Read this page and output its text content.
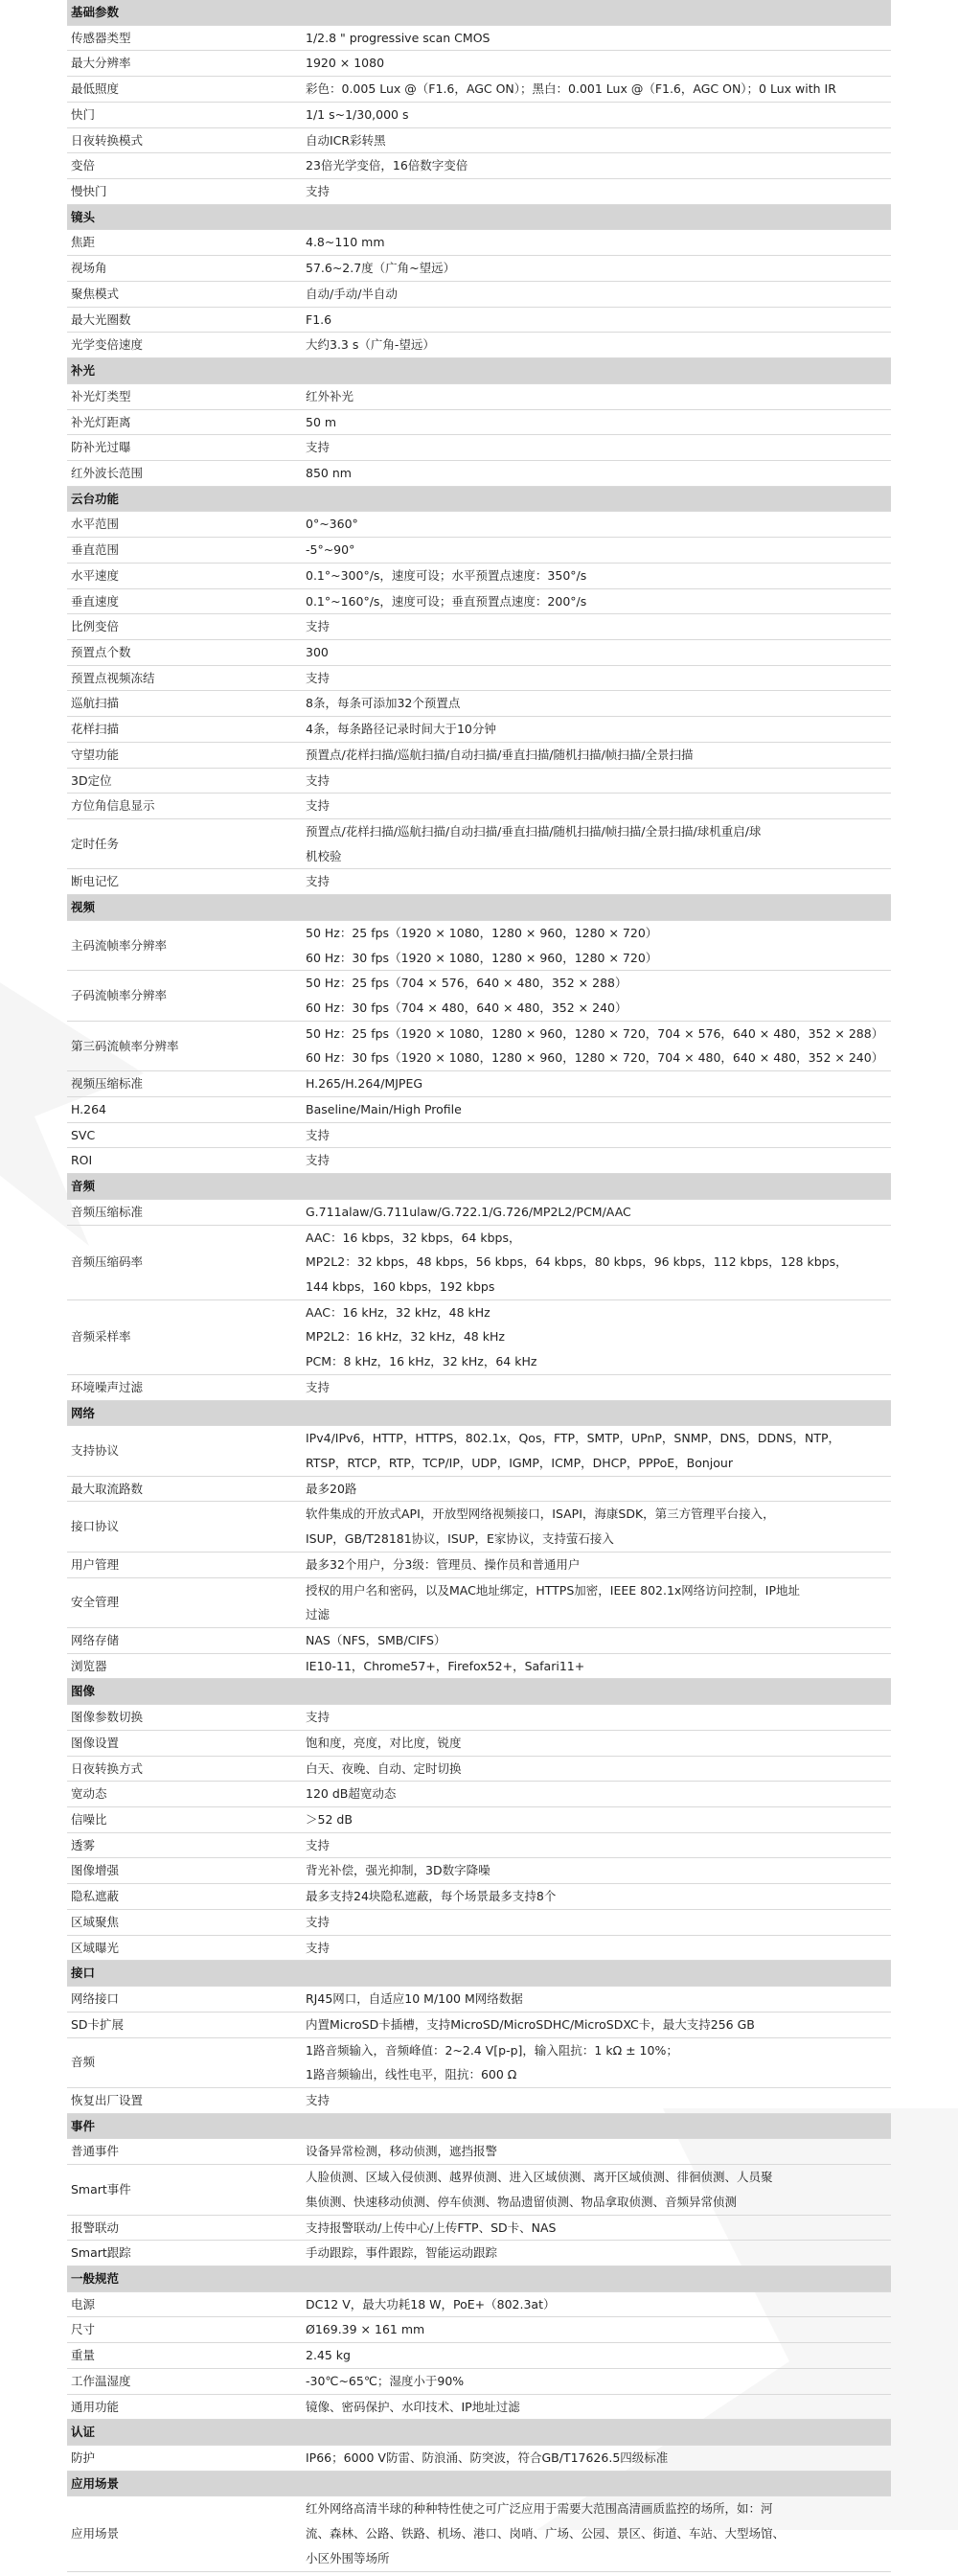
基础参数	
传感器类型	1/2.8 " progressive scan CMOS

最大分辨率	1920 × 1080

最低照度	彩色：0.005 Lux @（F1.6，AGC ON）；黑白：0.001 Lux @（F1.6，AGC ON）；0 Lux with IR

快门	1/1 s~1/30,000 s

日夜转换模式	自动ICR彩转黑

变倍	23倍光学变倍，16倍数字变倍

慢快门	支持

镜头	
焦距	4.8~110 mm

视场角	57.6~2.7度（广角~望远）

聚焦模式	自动/手动/半自动

最大光圈数	F1.6

光学变倍速度	大约3.3 s（广角-望远）

补光	
补光灯类型	红外补光

补光灯距离	50 m

防补光过曝	支持

红外波长范围	850 nm

云台功能	
水平范围	0°~360°

垂直范围	-5°~90°

水平速度	0.1°~300°/s，速度可设；水平预置点速度：350°/s

垂直速度	0.1°~160°/s，速度可设；垂直预置点速度：200°/s

比例变倍	支持

预置点个数	300

预置点视频冻结	支持

巡航扫描	8条，每条可添加32个预置点

花样扫描	4条，每条路径记录时间大于10分钟

守望功能	预置点/花样扫描/巡航扫描/自动扫描/垂直扫描/随机扫描/帧扫描/全景扫描

3D定位	支持

方位角信息显示	支持

定时任务	预置点/花样扫描/巡航扫描/自动扫描/垂直扫描/随机扫描/帧扫描/全景扫描/球机重启/球
机校验

断电记忆	支持

视频	
主码流帧率分辨率	50 Hz：25 fps（1920 × 1080，1280 × 960，1280 × 720）
60 Hz：30 fps（1920 × 1080，1280 × 960，1280 × 720）

子码流帧率分辨率	50 Hz：25 fps（704 × 576，640 × 480，352 × 288）
60 Hz：30 fps（704 × 480，640 × 480，352 × 240）

第三码流帧率分辨率	50 Hz：25 fps（1920 × 1080，1280 × 960，1280 × 720，704 × 576，640 × 480，352 × 288）
60 Hz：30 fps（1920 × 1080，1280 × 960，1280 × 720，704 × 480，640 × 480，352 × 240）

视频压缩标准	H.265/H.264/MJPEG

H.264	Baseline/Main/High Profile

SVC	支持

ROI	支持

音频	
音频压缩标准	G.711alaw/G.711ulaw/G.722.1/G.726/MP2L2/PCM/AAC

音频压缩码率	AAC：16 kbps，32 kbps，64 kbps，
MP2L2：32 kbps，48 kbps，56 kbps，64 kbps，80 kbps，96 kbps，112 kbps，128 kbps，
144 kbps，160 kbps，192 kbps

音频采样率	AAC：16 kHz，32 kHz，48 kHz
MP2L2：16 kHz，32 kHz，48 kHz
PCM：8 kHz，16 kHz，32 kHz，64 kHz

环境噪声过滤	支持

网络	
支持协议	IPv4/IPv6，HTTP，HTTPS，802.1x，Qos，FTP，SMTP，UPnP，SNMP，DNS，DDNS，NTP，
RTSP，RTCP，RTP，TCP/IP，UDP，IGMP，ICMP，DHCP，PPPoE，Bonjour

最大取流路数	最多20路

接口协议	软件集成的开放式API，开放型网络视频接口，ISAPI，海康SDK，第三方管理平台接入，
ISUP，GB/T28181协议，ISUP，E家协议，支持萤石接入

用户管理	最多32个用户，分3级：管理员、操作员和普通用户

安全管理	授权的用户名和密码，以及MAC地址绑定，HTTPS加密，IEEE 802.1x网络访问控制，IP地址
过滤

网络存储	NAS（NFS，SMB/CIFS）

浏览器	IE10-11，Chrome57+，Firefox52+，Safari11+

图像	
图像参数切换	支持

图像设置	饱和度，亮度，对比度，锐度

日夜转换方式	白天、夜晚、自动、定时切换

宽动态	120 dB超宽动态

信噪比	＞52 dB

透雾	支持

图像增强	背光补偿，强光抑制，3D数字降噪

隐私遮蔽	最多支持24块隐私遮蔽，每个场景最多支持8个

区域聚焦	支持

区域曝光	支持

接口	
网络接口	RJ45网口，自适应10 M/100 M网络数据

SD卡扩展	内置MicroSD卡插槽，支持MicroSD/MicroSDHC/MicroSDXC卡，最大支持256 GB

音频	1路音频输入，音频峰值：2~2.4 V[p-p]，输入阻抗：1 kΩ ± 10%；
1路音频输出，线性电平，阻抗：600 Ω

恢复出厂设置	支持

事件	
普通事件	设备异常检测，移动侦测，遮挡报警

Smart事件	人脸侦测、区域入侵侦测、越界侦测、进入区域侦测、离开区域侦测、徘徊侦测、人员聚
集侦测、快速移动侦测、停车侦测、物品遗留侦测、物品拿取侦测、音频异常侦测

报警联动	支持报警联动/上传中心/上传FTP、SD卡、NAS

Smart跟踪	手动跟踪，事件跟踪，智能运动跟踪

一般规范	
电源	DC12 V，最大功耗18 W，PoE+（802.3at）

尺寸	Ø169.39 × 161 mm

重量	2.45 kg

工作温湿度	-30℃~65℃；湿度小于90%

通用功能	镜像、密码保护、水印技术、IP地址过滤

认证	
防护	IP66；6000 V防雷、防浪涌、防突波，符合GB/T17626.5四级标准

应用场景	
应用场景	红外网络高清半球的种种特性使之可广泛应用于需要大范围高清画质监控的场所，如：河
流、森林、公路、铁路、机场、港口、岗哨、广场、公园、景区、街道、车站、大型场馆、
小区外围等场所
